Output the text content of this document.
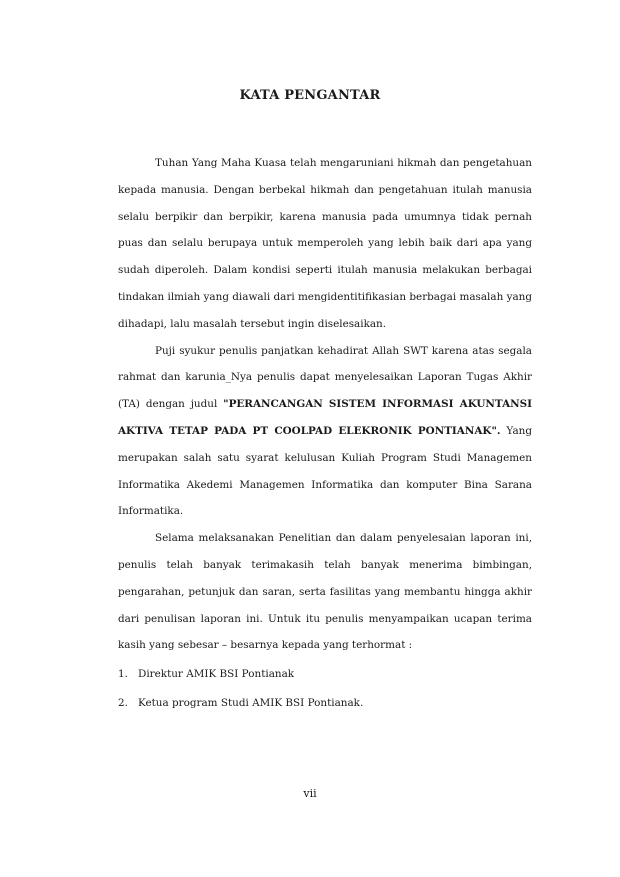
KATA PENGANTAR

Tuhan Yang Maha Kuasa telah mengaruniani hikmah dan pengetahuan kepada manusia. Dengan berbekal hikmah dan pengetahuan itulah manusia selalu berpikir dan berpikir, karena manusia pada umumnya tidak pernah puas dan selalu berupaya untuk memperoleh yang lebih baik dari apa yang sudah diperoleh. Dalam kondisi seperti itulah manusia melakukan berbagai tindakan ilmiah yang diawali dari mengidentitifikasian berbagai masalah yang dihadapi, lalu masalah tersebut ingin diselesaikan.

Puji syukur penulis panjatkan kehadirat Allah SWT karena atas segala rahmat dan karunia_Nya penulis dapat menyelesaikan Laporan Tugas Akhir (TA) dengan judul "PERANCANGAN SISTEM INFORMASI AKUNTANSI AKTIVA TETAP PADA PT COOLPAD ELEKRONIK PONTIANAK". Yang merupakan salah satu syarat kelulusan Kuliah Program Studi Managemen Informatika Akedemi Managemen Informatika dan komputer Bina Sarana Informatika.

Selama melaksanakan Penelitian dan dalam penyelesaian laporan ini, penulis telah banyak terimakasih telah banyak menerima bimbingan, pengarahan, petunjuk dan saran, serta fasilitas yang membantu hingga akhir dari penulisan laporan ini. Untuk itu penulis menyampaikan ucapan terima kasih yang sebesar – besarnya kepada yang terhormat :

1. Direktur AMIK BSI Pontianak
2. Ketua program Studi AMIK BSI Pontianak.
vii
